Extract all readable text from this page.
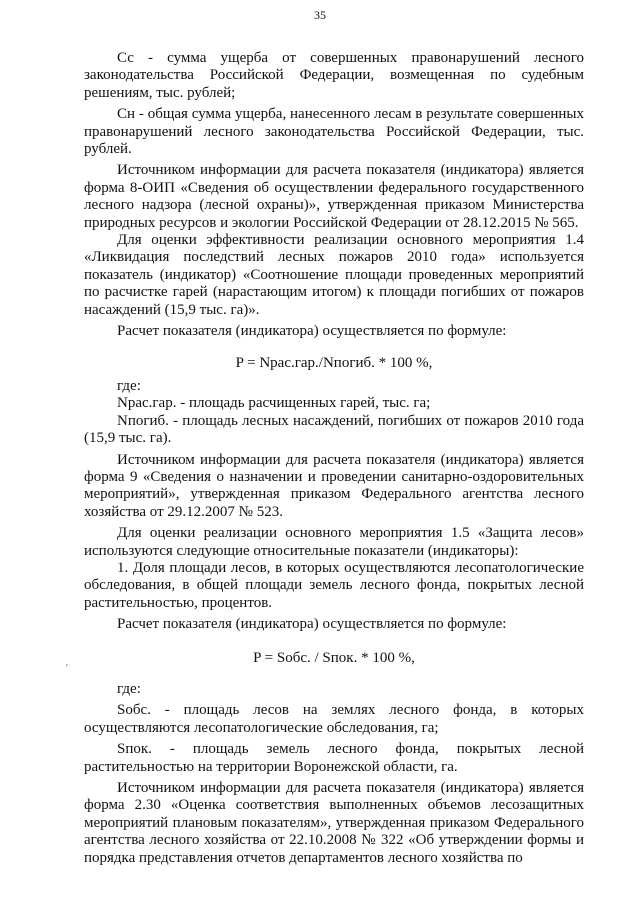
35
'

Сс - сумма ущерба от совершенных правонарушений лесного законодательства Российской Федерации, возмещенная по судебным решениям, тыс. рублей;

Сн - общая сумма ущерба, нанесенного лесам в результате совершенных правонарушений лесного законодательства Российской Федерации, тыс. рублей.

Источником информации для расчета показателя (индикатора) является форма 8-ОИП «Сведения об осуществлении федерального государственного лесного надзора (лесной охраны)», утвержденная приказом Министерства природных ресурсов и экологии Российской Федерации от 28.12.2015 № 565.

Для оценки эффективности реализации основного мероприятия 1.4 «Ликвидация последствий лесных пожаров 2010 года» используется показатель (индикатор) «Соотношение площади проведенных мероприятий по расчистке гарей (нарастающим итогом) к площади погибших от пожаров насаждений (15,9 тыс. га)».

Расчет показателя (индикатора) осуществляется по формуле:

P = Nрас.гар./Nпогиб. * 100 %,

где:

Nрас.гар. - площадь расчищенных гарей, тыс. га;

Nпогиб. - площадь лесных насаждений, погибших от пожаров 2010 года (15,9 тыс. га).

Источником информации для расчета показателя (индикатора) является форма 9 «Сведения о назначении и проведении санитарно-оздоровительных мероприятий», утвержденная приказом Федерального агентства лесного хозяйства от 29.12.2007 № 523.

Для оценки реализации основного мероприятия 1.5 «Защита лесов» используются следующие относительные показатели (индикаторы):

1. Доля площади лесов, в которых осуществляются лесопатологические обследования, в общей площади земель лесного фонда, покрытых лесной растительностью, процентов.

Расчет показателя (индикатора) осуществляется по формуле:

P = Sобс. / Sпок. * 100 %,

где:

Sобс. - площадь лесов на землях лесного фонда, в которых осуществляются лесопатологические обследования, га;

Sпок. - площадь земель лесного фонда, покрытых лесной растительностью на территории Воронежской области, га.

Источником информации для расчета показателя (индикатора) является форма 2.30 «Оценка соответствия выполненных объемов лесозащитных мероприятий плановым показателям», утвержденная приказом Федерального агентства лесного хозяйства от 22.10.2008 № 322 «Об утверждении формы и порядка представления отчетов департаментов лесного хозяйства по
